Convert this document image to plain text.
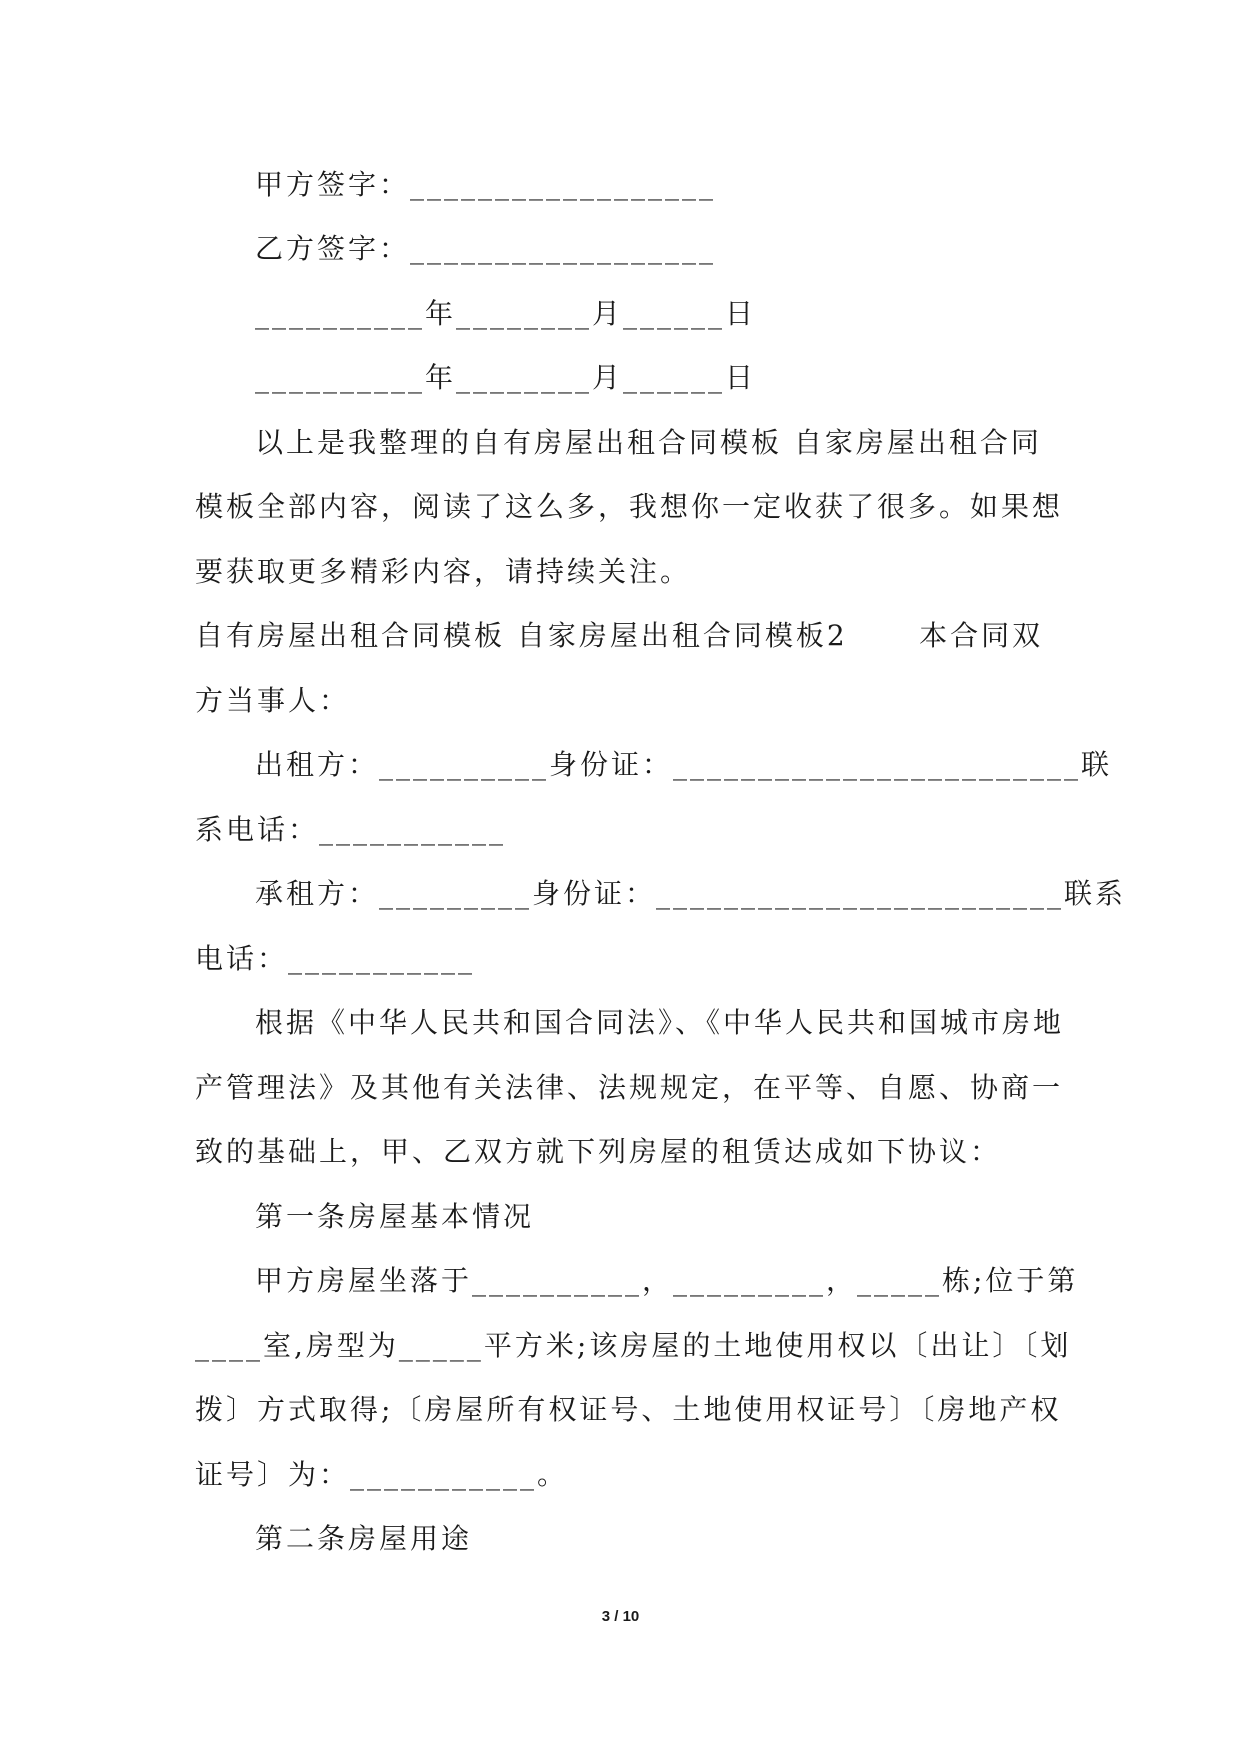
甲方签字：__________________

乙方签字：__________________

__________年________月______日

__________年________月______日

以上是我整理的自有房屋出租合同模板 自家房屋出租合同

模板全部内容，阅读了这么多，我想你一定收获了很多。如果想

要获取更多精彩内容，请持续关注。

自有房屋出租合同模板 自家房屋出租合同模板2      本合同双

方当事人：

出租方：__________身份证：________________________联

系电话：___________

承租方：_________身份证：________________________联系

电话：___________

根据《中华人民共和国合同法》、《中华人民共和国城市房地

产管理法》及其他有关法律、法规规定，在平等、自愿、协商一

致的基础上，甲、乙双方就下列房屋的租赁达成如下协议：

第一条房屋基本情况

甲方房屋坐落于__________，_________，_____栋;位于第

____室,房型为_____平方米;该房屋的土地使用权以〔出让〕〔划

拨〕方式取得;〔房屋所有权证号、土地使用权证号〕〔房地产权

证号〕为：___________。

第二条房屋用途

3 / 10
